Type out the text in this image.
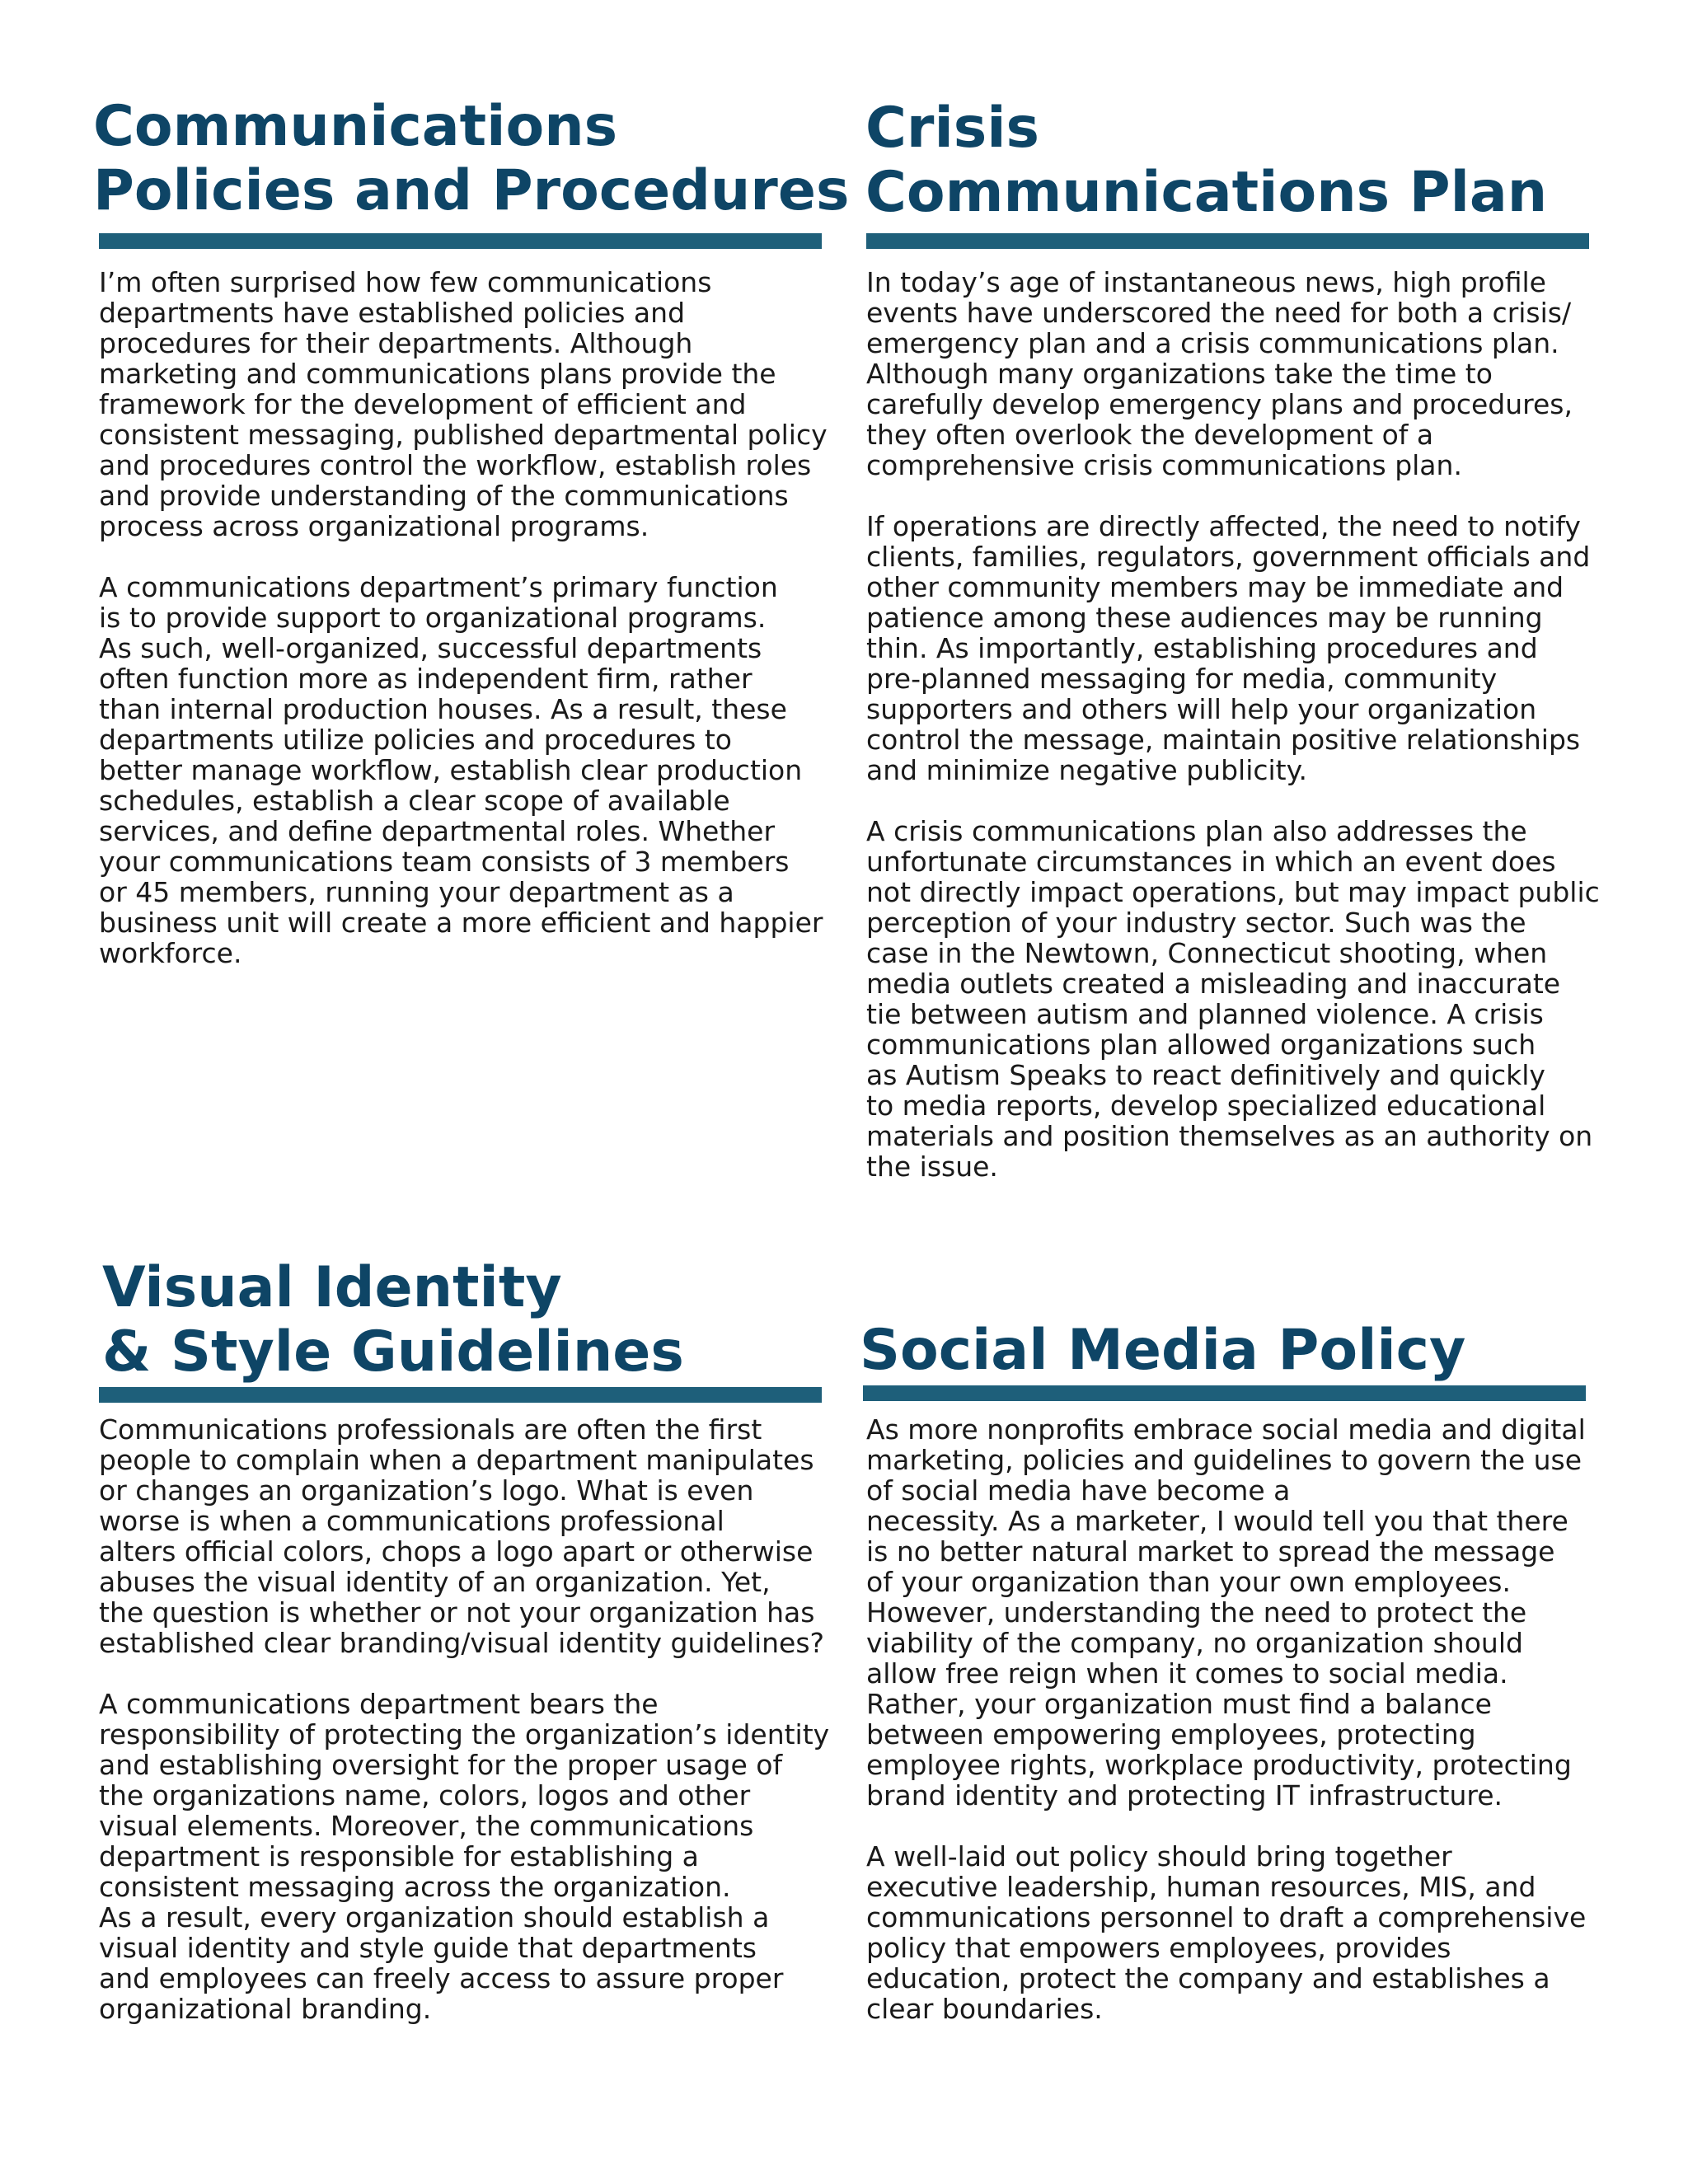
Communications
Policies and Procedures
I’m often surprised how few communications
departments have established policies and
procedures for their departments. Although
marketing and communications plans provide the
framework for the development of efficient and
consistent messaging, published departmental policy
and procedures control the workflow, establish roles
and provide understanding of the communications
process across organizational programs.
A communications department’s primary function
is to provide support to organizational programs.
As such, well-organized, successful departments
often function more as independent firm, rather
than internal production houses. As a result, these
departments utilize policies and procedures to
better manage workflow, establish clear production
schedules, establish a clear scope of available
services, and define departmental roles. Whether
your communications team consists of 3 members
or 45 members, running your department as a
business unit will create a more efficient and happier
workforce.
Crisis
Communications Plan
In today’s age of instantaneous news, high profile
events have underscored the need for both a crisis/
emergency plan and a crisis communications plan.
Although many organizations take the time to
carefully develop emergency plans and procedures,
they often overlook the development of a
comprehensive crisis communications plan.
If operations are directly affected, the need to notify
clients, families, regulators, government officials and
other community members may be immediate and
patience among these audiences may be running
thin. As importantly, establishing procedures and
pre-planned messaging for media, community
supporters and others will help your organization
control the message, maintain positive relationships
and minimize negative publicity.
A crisis communications plan also addresses the
unfortunate circumstances in which an event does
not directly impact operations, but may impact public
perception of your industry sector. Such was the
case in the Newtown, Connecticut shooting, when
media outlets created a misleading and inaccurate
tie between autism and planned violence. A crisis
communications plan allowed organizations such
as Autism Speaks to react definitively and quickly
to media reports, develop specialized educational
materials and position themselves as an authority on
the issue.
Visual Identity
& Style Guidelines
Communications professionals are often the first
people to complain when a department manipulates
or changes an organization’s logo. What is even
worse is when a communications professional
alters official colors, chops a logo apart or otherwise
abuses the visual identity of an organization. Yet,
the question is whether or not your organization has
established clear branding/visual identity guidelines?
A communications department bears the
responsibility of protecting the organization’s identity
and establishing oversight for the proper usage of
the organizations name, colors, logos and other
visual elements. Moreover, the communications
department is responsible for establishing a
consistent messaging across the organization.
As a result, every organization should establish a
visual identity and style guide that departments
and employees can freely access to assure proper
organizational branding.
Social Media Policy
As more nonprofits embrace social media and digital
marketing, policies and guidelines to govern the use
of social media have become a
necessity. As a marketer, I would tell you that there
is no better natural market to spread the message
of your organization than your own employees.
However, understanding the need to protect the
viability of the company, no organization should
allow free reign when it comes to social media.
Rather, your organization must find a balance
between empowering employees, protecting
employee rights, workplace productivity, protecting
brand identity and protecting IT infrastructure.
A well-laid out policy should bring together
executive leadership, human resources, MIS, and
communications personnel to draft a comprehensive
policy that empowers employees, provides
education, protect the company and establishes a
clear boundaries.
